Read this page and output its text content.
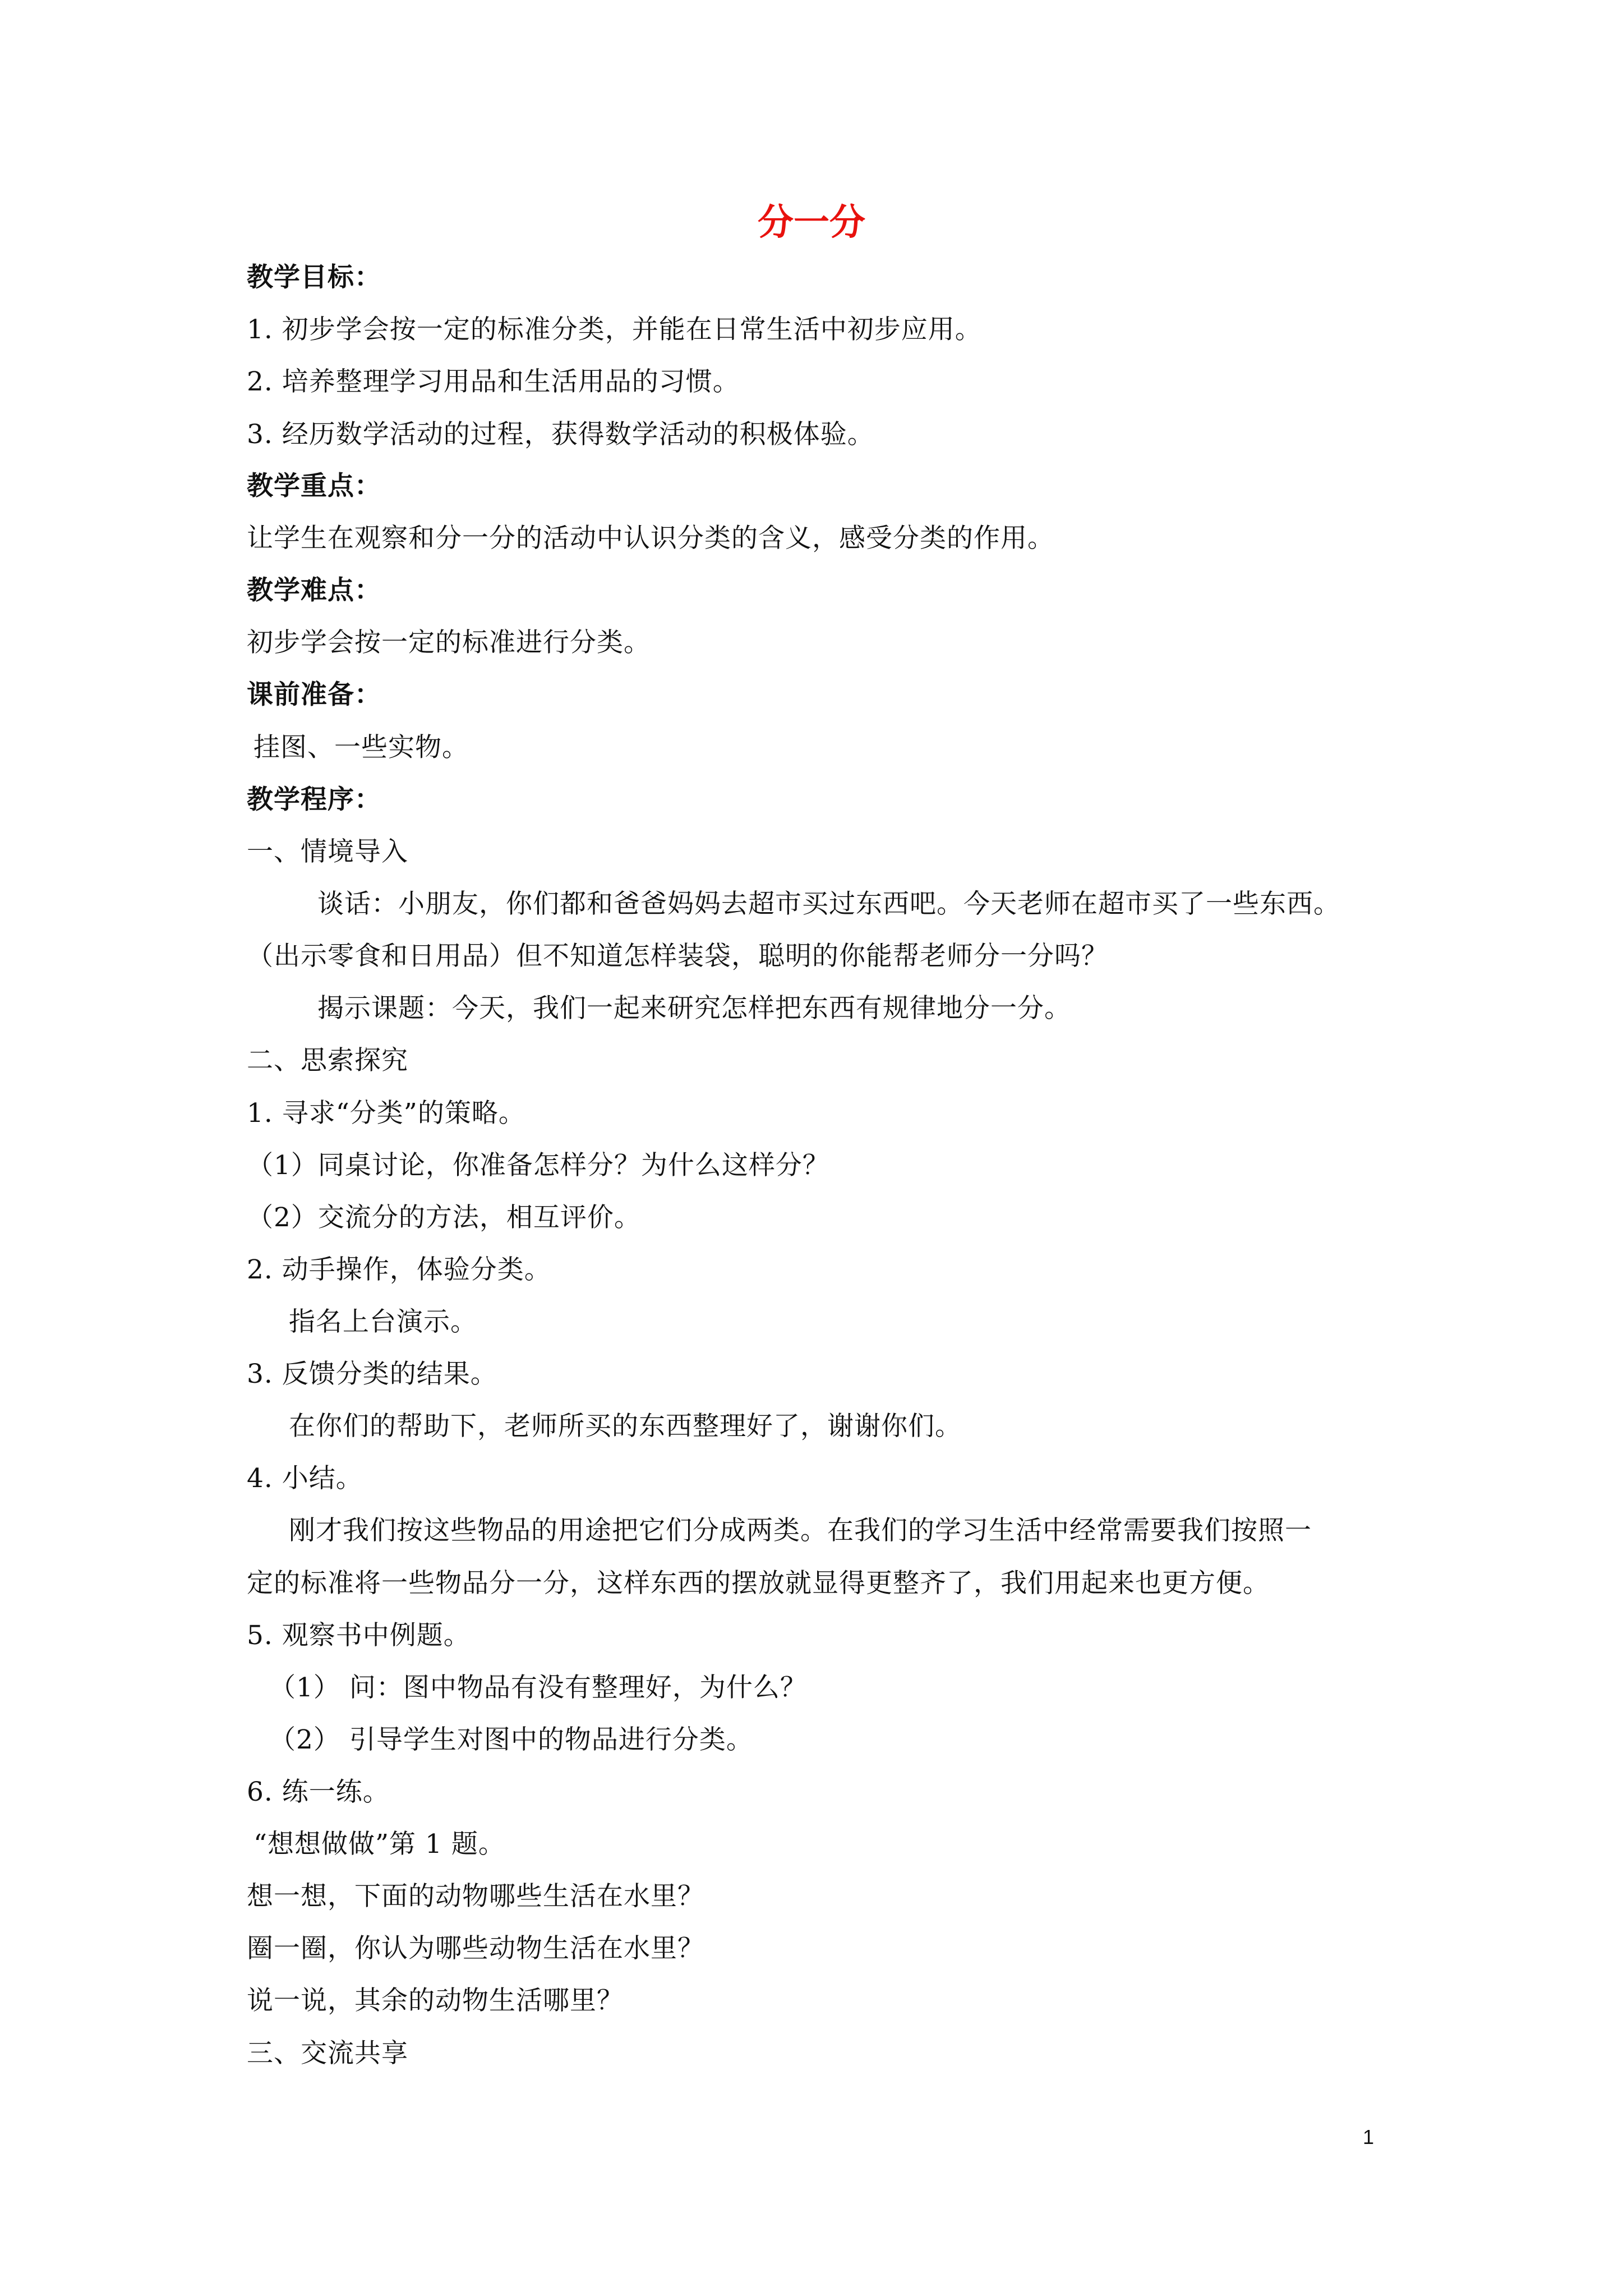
分一分
教学目标：
1. 初步学会按一定的标准分类，并能在日常生活中初步应用。
2. 培养整理学习用品和生活用品的习惯。
3. 经历数学活动的过程，获得数学活动的积极体验。
教学重点：
让学生在观察和分一分的活动中认识分类的含义，感受分类的作用。
教学难点：
初步学会按一定的标准进行分类。
课前准备：
挂图、一些实物。
教学程序：
一、情境导入
谈话：小朋友，你们都和爸爸妈妈去超市买过东西吧。今天老师在超市买了一些东西。
（出示零食和日用品）但不知道怎样装袋，聪明的你能帮老师分一分吗？
揭示课题：今天，我们一起来研究怎样把东西有规律地分一分。
二、思索探究
1. 寻求“分类”的策略。
（1）同桌讨论，你准备怎样分？为什么这样分？
（2）交流分的方法，相互评价。
2. 动手操作，体验分类。
指名上台演示。
3. 反馈分类的结果。
在你们的帮助下，老师所买的东西整理好了，谢谢你们。
4. 小结。
刚才我们按这些物品的用途把它们分成两类。在我们的学习生活中经常需要我们按照一
定的标准将一些物品分一分，这样东西的摆放就显得更整齐了，我们用起来也更方便。
5. 观察书中例题。
（1） 问：图中物品有没有整理好，为什么？
（2） 引导学生对图中的物品进行分类。
6. 练一练。
“想想做做”第 1 题。
想一想，下面的动物哪些生活在水里？
圈一圈，你认为哪些动物生活在水里？
说一说，其余的动物生活哪里？
三、交流共享
1
